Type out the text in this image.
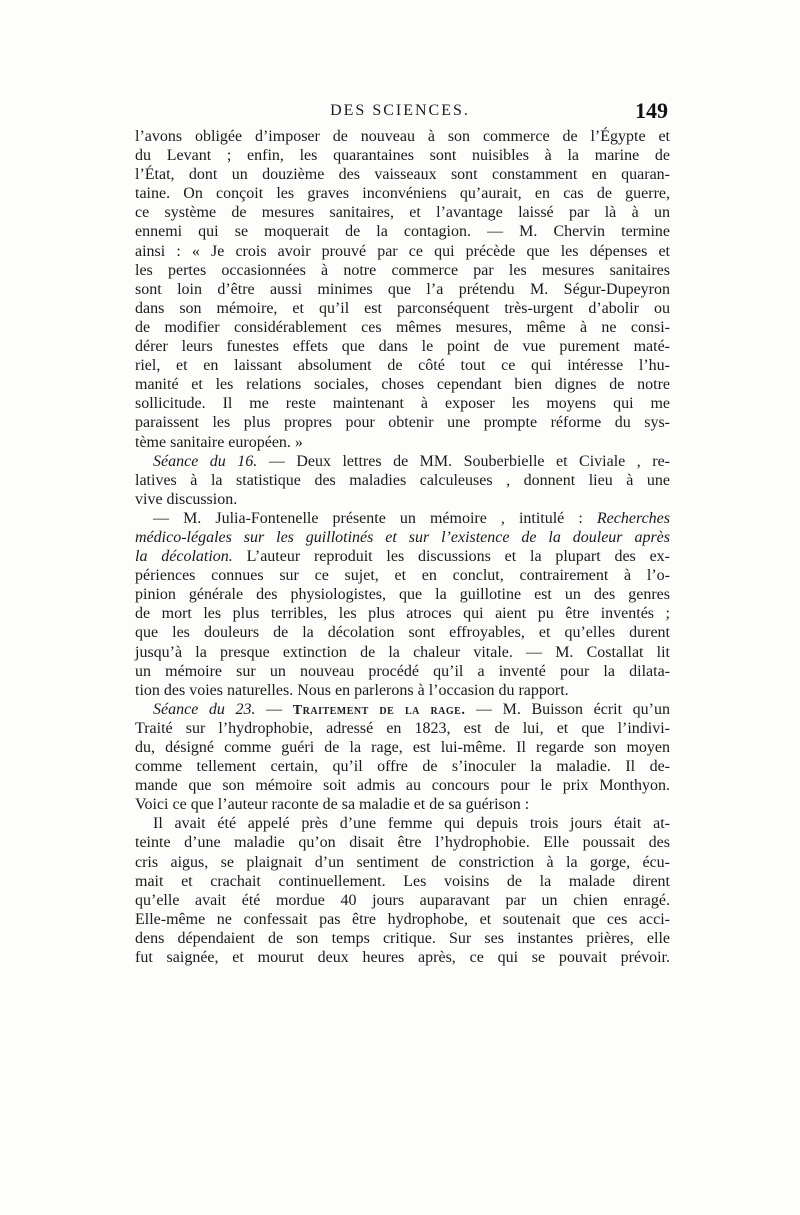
DES SCIENCES.	149
l’avons obligée d’imposer de nouveau à son commerce de l’Égypte et
du Levant ; enfin, les quarantaines sont nuisibles à la marine de
l’État, dont un douzième des vaisseaux sont constamment en quaran-
taine. On conçoit les graves inconvéniens qu’aurait, en cas de guerre,
ce système de mesures sanitaires, et l’avantage laissé par là à un
ennemi qui se moquerait de la contagion. — M. Chervin termine
ainsi : « Je crois avoir prouvé par ce qui précède que les dépenses et
les pertes occasionnées à notre commerce par les mesures sanitaires
sont loin d’être aussi minimes que l’a prétendu M. Ségur-Dupeyron
dans son mémoire, et qu’il est parconséquent très-urgent d’abolir ou
de modifier considérablement ces mêmes mesures, même à ne consi-
dérer leurs funestes effets que dans le point de vue purement maté-
riel, et en laissant absolument de côté tout ce qui intéresse l’hu-
manité et les relations sociales, choses cependant bien dignes de notre
sollicitude. Il me reste maintenant à exposer les moyens qui me
paraissent les plus propres pour obtenir une prompte réforme du sys-
tème sanitaire européen. »
Séance du 16. — Deux lettres de MM. Souberbielle et Civiale , re-
latives à la statistique des maladies calculeuses , donnent lieu à une
vive discussion.
— M. Julia-Fontenelle présente un mémoire , intitulé : Recherches
médico-légales sur les guillotinés et sur l’existence de la douleur après
la décolation. L’auteur reproduit les discussions et la plupart des ex-
périences connues sur ce sujet, et en conclut, contrairement à l’o-
pinion générale des physiologistes, que la guillotine est un des genres
de mort les plus terribles, les plus atroces qui aient pu être inventés ;
que les douleurs de la décolation sont effroyables, et qu’elles durent
jusqu’à la presque extinction de la chaleur vitale. — M. Costallat lit
un mémoire sur un nouveau procédé qu’il a inventé pour la dilata-
tion des voies naturelles. Nous en parlerons à l’occasion du rapport.
Séance du 23. — Traitement de la rage. — M. Buisson écrit qu’un
Traité sur l’hydrophobie, adressé en 1823, est de lui, et que l’indivi-
du, désigné comme guéri de la rage, est lui-même. Il regarde son moyen
comme tellement certain, qu’il offre de s’inoculer la maladie. Il de-
mande que son mémoire soit admis au concours pour le prix Monthyon.
Voici ce que l’auteur raconte de sa maladie et de sa guérison :
Il avait été appelé près d’une femme qui depuis trois jours était at-
teinte d’une maladie qu’on disait être l’hydrophobie. Elle poussait des
cris aigus, se plaignait d’un sentiment de constriction à la gorge, écu-
mait et crachait continuellement. Les voisins de la malade dirent
qu’elle avait été mordue 40 jours auparavant par un chien enragé.
Elle-même ne confessait pas être hydrophobe, et soutenait que ces acci-
dens dépendaient de son temps critique. Sur ses instantes prières, elle
fut saignée, et mourut deux heures après, ce qui se pouvait prévoir.
